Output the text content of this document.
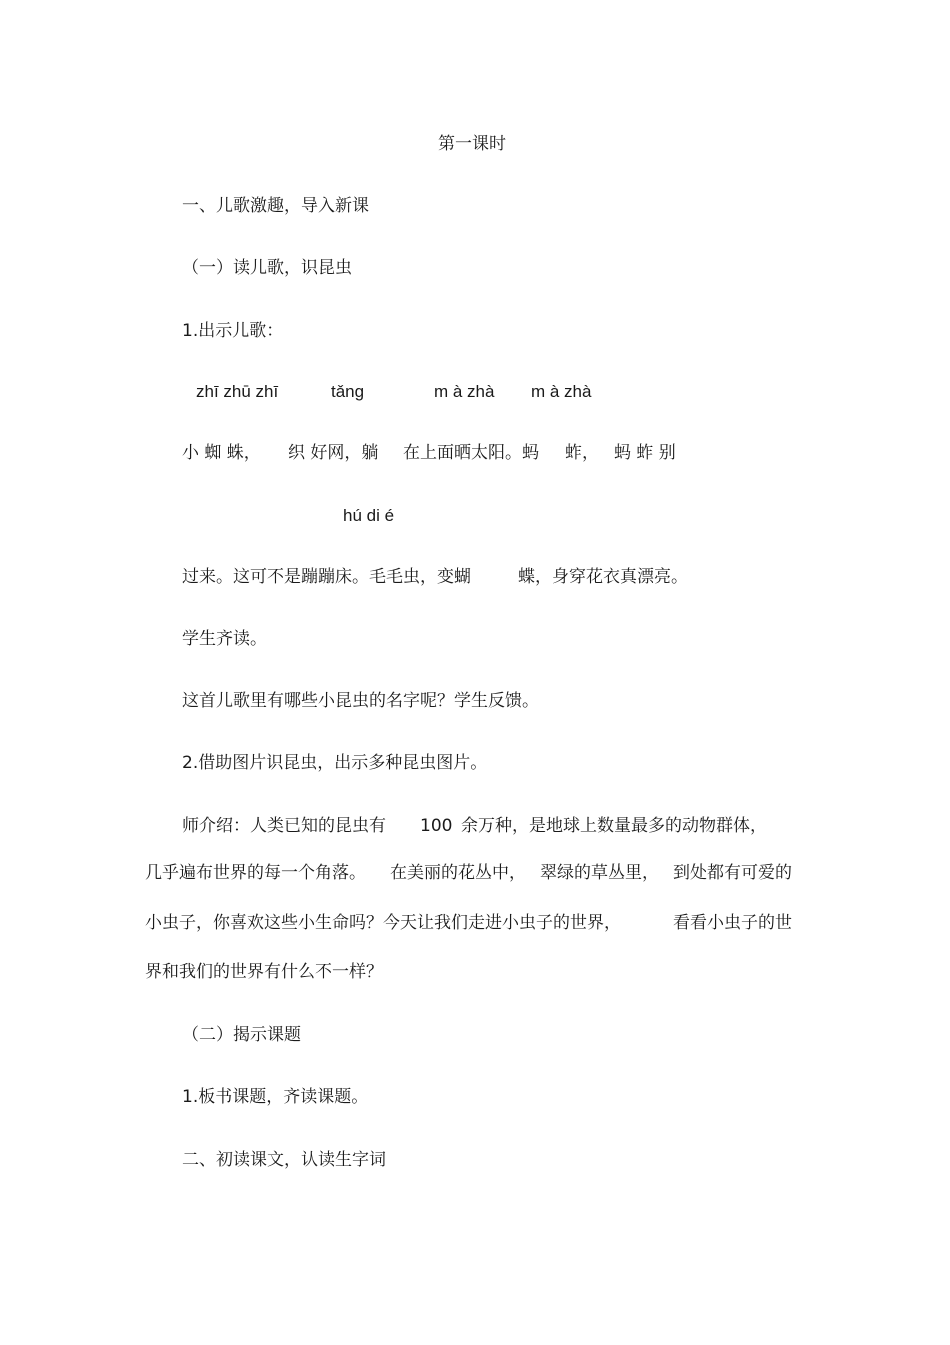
第一课时
一、儿歌激趣，导入新课
（一）读儿歌，识昆虫
1.出示儿歌：
zhī zhū zhī	tǎng	m à zhà m à zhà
小 蜘 蛛， 织 好网，躺 在上面晒太阳。蚂 蚱， 蚂 蚱 别
hú di é
过来。这可不是蹦蹦床。毛毛虫，变蝴	蝶，身穿花衣真漂亮。
学生齐读。
这首儿歌里有哪些小昆虫的名字呢？学生反馈。
2.借助图片识昆虫，出示多种昆虫图片。
师介绍：人类已知的昆虫有 100 余万种，是地球上数量最多的动物群体，
几乎遍布世界的每一个角落。 在美丽的花丛中， 翠绿的草丛里， 到处都有可爱的
小虫子，你喜欢这些小生命吗？今天让我们走进小虫子的世界，	看看小虫子的世
界和我们的世界有什么不一样？
（二）揭示课题
1.板书课题，齐读课题。
二、初读课文，认读生字词
